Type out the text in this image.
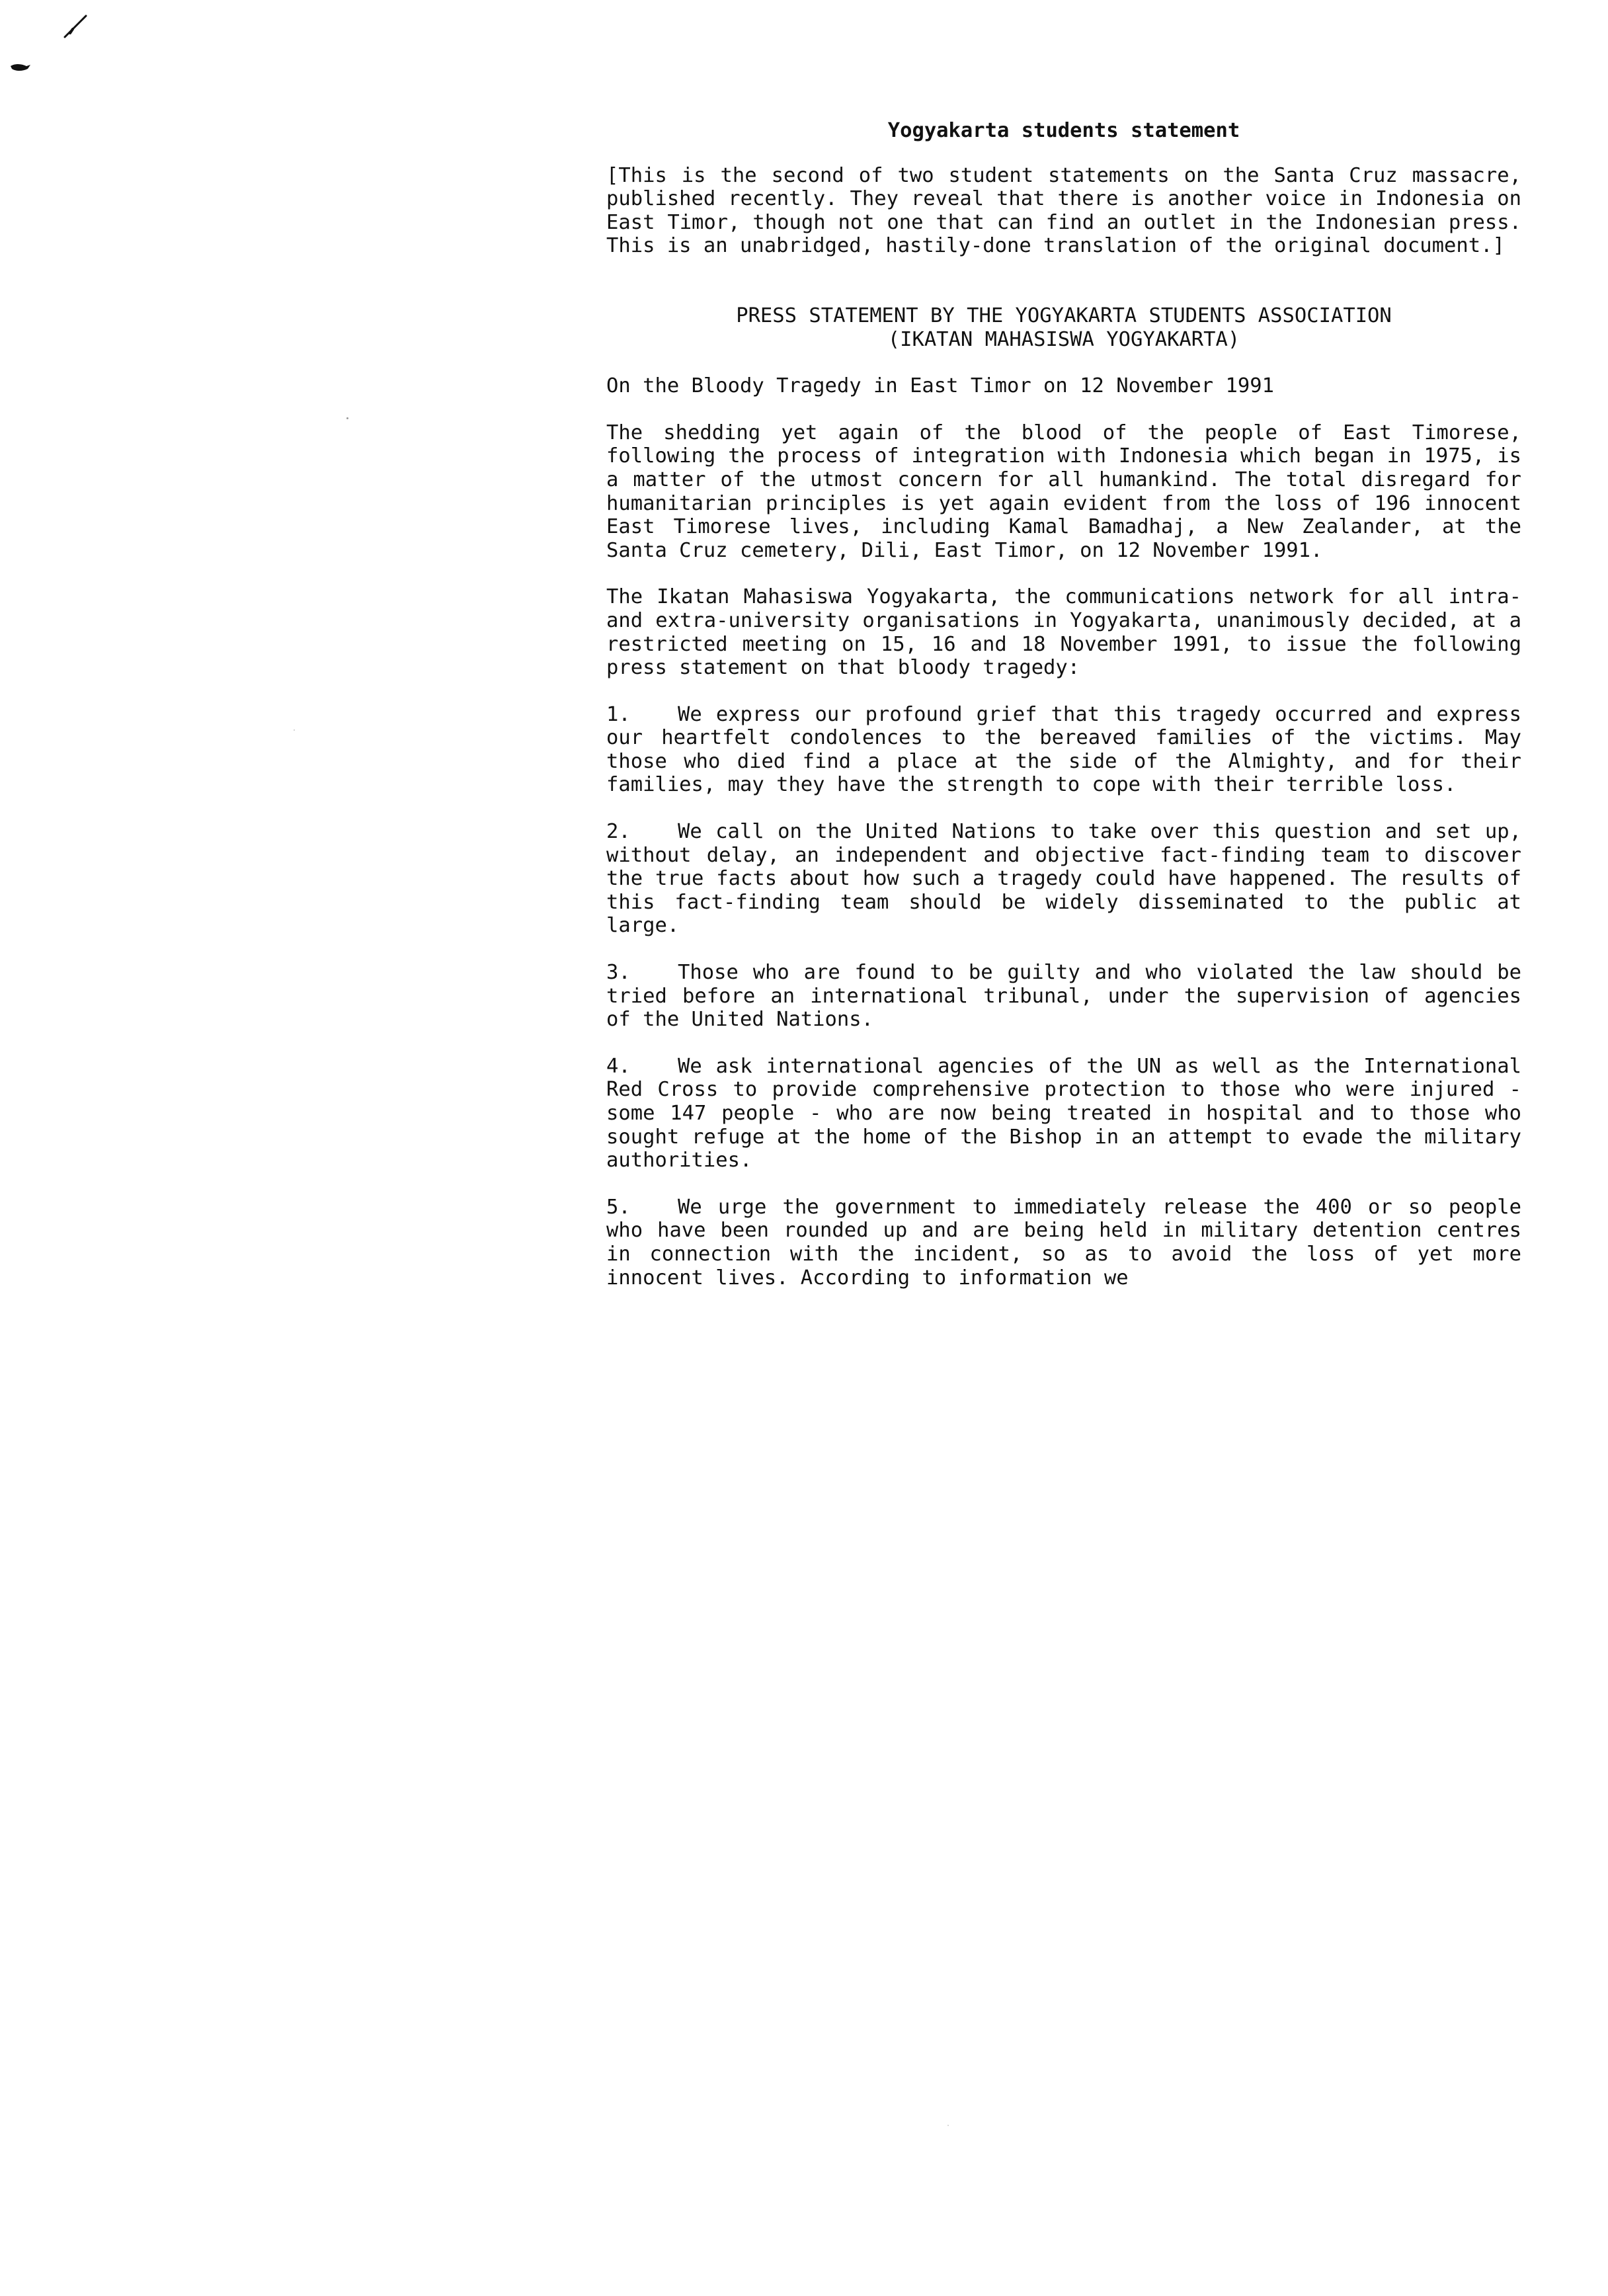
Yogyakarta students statement
[This is the second of two student statements on the Santa Cruz massacre, published recently. They reveal that there is another voice in Indonesia on East Timor, though not one that can find an outlet in the Indonesian press. This is an unabridged, hastily-done translation of the original document.]
PRESS STATEMENT BY THE YOGYAKARTA STUDENTS ASSOCIATION
(IKATAN MAHASISWA YOGYAKARTA)
On the Bloody Tragedy in East Timor on 12 November 1991
The shedding yet again of the blood of the people of East Timorese, following the process of integration with Indonesia which began in 1975, is a matter of the utmost concern for all humankind. The total disregard for humanitarian principles is yet again evident from the loss of 196 innocent East Timorese lives, including Kamal Bamadhaj, a New Zealander, at the Santa Cruz cemetery, Dili, East Timor, on 12 November 1991.
The Ikatan Mahasiswa Yogyakarta, the communications network for all intra- and extra-university organisations in Yogyakarta, unanimously decided, at a restricted meeting on 15, 16 and 18 November 1991, to issue the following press statement on that bloody tragedy:
1. We express our profound grief that this tragedy occurred and express our heartfelt condolences to the bereaved families of the victims. May those who died find a place at the side of the Almighty, and for their families, may they have the strength to cope with their terrible loss.
2. We call on the United Nations to take over this question and set up, without delay, an independent and objective fact-finding team to discover the true facts about how such a tragedy could have happened. The results of this fact-finding team should be widely disseminated to the public at large.
3. Those who are found to be guilty and who violated the law should be tried before an international tribunal, under the supervision of agencies of the United Nations.
4. We ask international agencies of the UN as well as the International Red Cross to provide comprehensive protection to those who were injured - some 147 people - who are now being treated in hospital and to those who sought refuge at the home of the Bishop in an attempt to evade the military authorities.
5. We urge the government to immediately release the 400 or so people who have been rounded up and are being held in military detention centres in connection with the incident, so as to avoid the loss of yet more innocent lives. According to information we
